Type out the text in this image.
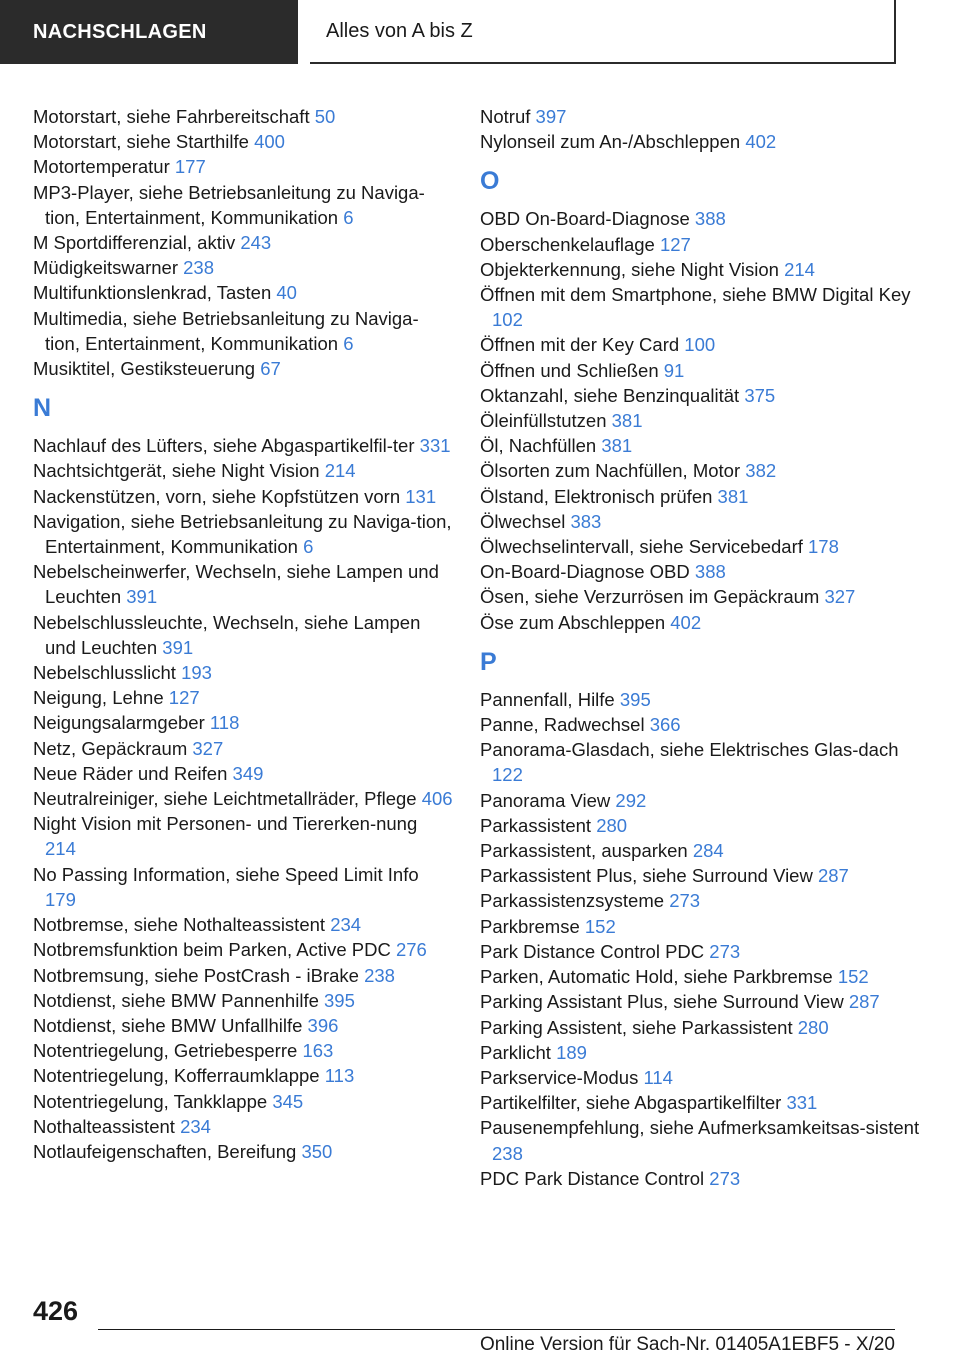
NACHSCHLAGEN	Alles von A bis Z

Motorstart, siehe Fahrbereitschaft 50

Motorstart, siehe Starthilfe 400

Motortemperatur 177

MP3-Player, siehe Betriebsanleitung zu Naviga-tion, Entertainment, Kommunikation 6

M Sportdifferenzial, aktiv 243

Müdigkeitswarner 238

Multifunktionslenkrad, Tasten 40

Multimedia, siehe Betriebsanleitung zu Naviga-tion, Entertainment, Kommunikation 6

Musiktitel, Gestiksteuerung 67

N

Nachlauf des Lüfters, siehe Abgaspartikelfil-ter 331

Nachtsichtgerät, siehe Night Vision 214

Nackenstützen, vorn, siehe Kopfstützen vorn 131

Navigation, siehe Betriebsanleitung zu Naviga-tion, Entertainment, Kommunikation 6

Nebelscheinwerfer, Wechseln, siehe Lampen und Leuchten 391

Nebelschlussleuchte, Wechseln, siehe Lampen und Leuchten 391

Nebelschlusslicht 193

Neigung, Lehne 127

Neigungsalarmgeber 118

Netz, Gepäckraum 327

Neue Räder und Reifen 349

Neutralreiniger, siehe Leichtmetallräder, Pflege 406

Night Vision mit Personen- und Tiererken-nung 214

No Passing Information, siehe Speed Limit Info 179

Notbremse, siehe Nothalteassistent 234

Notbremsfunktion beim Parken, Active PDC 276

Notbremsung, siehe PostCrash - iBrake 238

Notdienst, siehe BMW Pannenhilfe 395

Notdienst, siehe BMW Unfallhilfe 396

Notentriegelung, Getriebesperre 163

Notentriegelung, Kofferraumklappe 113

Notentriegelung, Tankklappe 345

Nothalteassistent 234

Notlaufeigenschaften, Bereifung 350

Notruf 397

Nylonseil zum An-/Abschleppen 402

O

OBD On-Board-Diagnose 388

Oberschenkelauflage 127

Objekterkennung, siehe Night Vision 214

Öffnen mit dem Smartphone, siehe BMW Digital Key 102

Öffnen mit der Key Card 100

Öffnen und Schließen 91

Oktanzahl, siehe Benzinqualität 375

Öleinfüllstutzen 381

Öl, Nachfüllen 381

Ölsorten zum Nachfüllen, Motor 382

Ölstand, Elektronisch prüfen 381

Ölwechsel 383

Ölwechselintervall, siehe Servicebedarf 178

On-Board-Diagnose OBD 388

Ösen, siehe Verzurrösen im Gepäckraum 327

Öse zum Abschleppen 402

P

Pannenfall, Hilfe 395

Panne, Radwechsel 366

Panorama-Glasdach, siehe Elektrisches Glas-dach 122

Panorama View 292

Parkassistent 280

Parkassistent, ausparken 284

Parkassistent Plus, siehe Surround View 287

Parkassistenzsysteme 273

Parkbremse 152

Park Distance Control PDC 273

Parken, Automatic Hold, siehe Parkbremse 152

Parking Assistant Plus, siehe Surround View 287

Parking Assistent, siehe Parkassistent 280

Parklicht 189

Parkservice-Modus 114

Partikelfilter, siehe Abgaspartikelfilter 331

Pausenempfehlung, siehe Aufmerksamkeitsas-sistent 238

PDC Park Distance Control 273

426
Online Version für Sach-Nr. 01405A1EBF5 - X/20
